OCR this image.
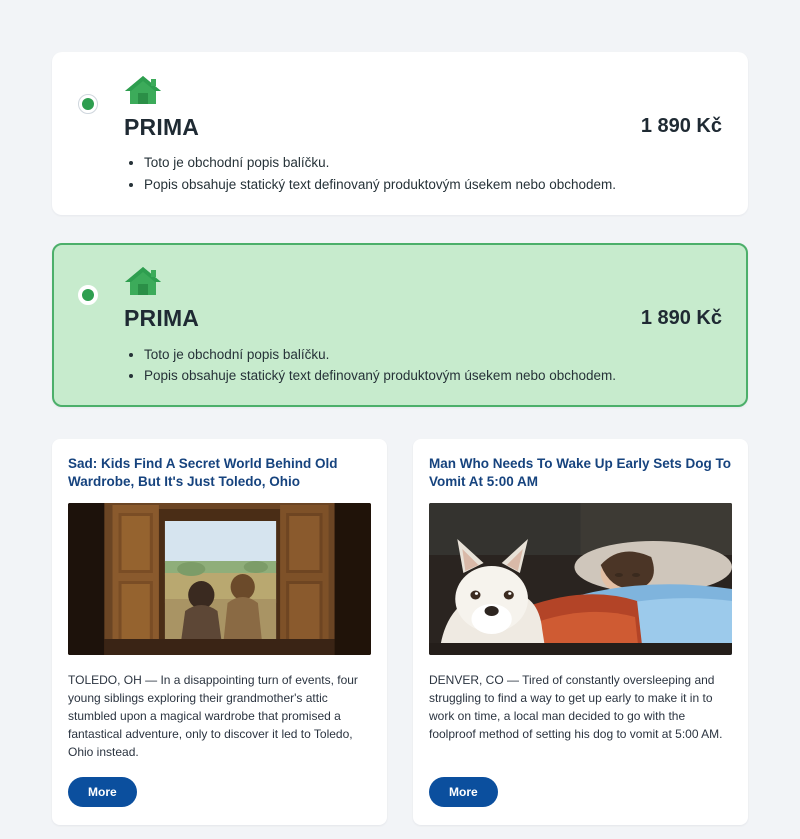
PRIMA	1 890 Kč
• Toto je obchodní popis balíčku.
• Popis obsahuje statický text definovaný produktovým úsekem nebo obchodem.
PRIMA	1 890 Kč
• Toto je obchodní popis balíčku.
• Popis obsahuje statický text definovaný produktovým úsekem nebo obchodem.
Sad: Kids Find A Secret World Behind Old Wardrobe, But It's Just Toledo, Ohio
TOLEDO, OH — In a disappointing turn of events, four young siblings exploring their grandmother's attic stumbled upon a magical wardrobe that promised a fantastical adventure, only to discover it led to Toledo, Ohio instead.
More
Man Who Needs To Wake Up Early Sets Dog To Vomit At 5:00 AM
DENVER, CO — Tired of constantly oversleeping and struggling to find a way to get up early to make it in to work on time, a local man decided to go with the foolproof method of setting his dog to vomit at 5:00 AM.
More
